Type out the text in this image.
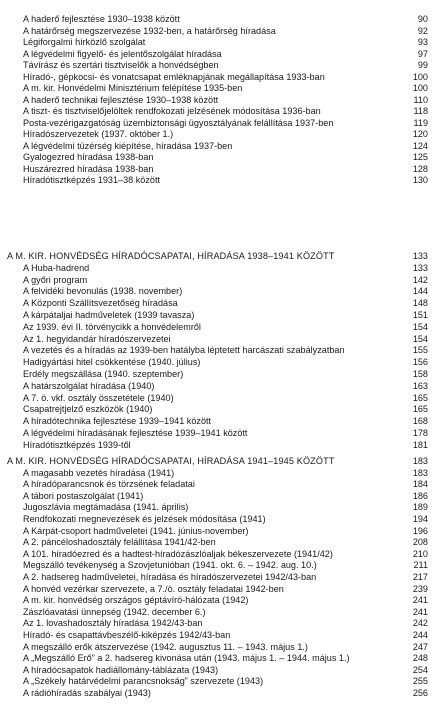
A haderő fejlesztése 1930–1938 között	90
A határőrség megszervezése 1932-ben, a határőrség híradása	92
Légiforgalmi hírközlő szolgálat	93
A légvédelmi figyelő- és jelentőszolgálat híradása	97
Távírász és szertári tisztviselők a honvédségben	99
Híradó-, gépkocsi- és vonatcsapat emléknapjának megállapítása 1933-ban	100
A m. kir. Honvédelmi Minisztérium felépítése 1935-ben	100
A haderő technikai fejlesztése 1930–1938 között	110
A tiszt- és tisztviselőjelöltek rendfokozati jelzésének módosítása 1936-ban	118
Posta-vezérigazgatóság üzembiztonsági ügyosztályának felállítása 1937-ben	119
Híradószervezetek (1937. október 1.)	120
A légvédelmi tüzérség kiépítése, híradása 1937-ben	124
Gyalogezred híradása 1938-ban	125
Huszárezred híradása 1938-ban	128
Híradótisztképzés 1931–38 között	130
A M. KIR. HONVÉDSÉG HÍRADÓCSAPATAI, HÍRADÁSA 1938–1941 KÖZÖTT	133
A Huba-hadrend	133
A győri program	142
A felvidéki bevonulás (1938. november)	144
A Központi Szállítsvezetőség híradása	148
A kárpátaljai hadműveletek (1939 tavasza)	151
Az 1939. évi II. törvénycikk a honvédelemről	154
Az 1. hegyidandár híradószervezetei	154
A vezetés és a híradás az 1939-ben hatályba léptetett harcászati szabályzatban	155
Hadigyártási hitel csökkentése (1940. július)	156
Erdély megszállása (1940. szeptember)	158
A határszolgálat híradása (1940)	163
A 7. ö. vkf. osztály összetétele (1940)	165
Csapatrejtjelző eszközök (1940)	165
A híradótechnika fejlesztése 1939–1941 között	168
A légvédelmi híradásának fejlesztése 1939–1941 között	178
Híradótisztképzés 1939-től	181
A M. KIR. HONVÉDSÉG HÍRADÓCSAPATAI, HÍRADÁSA 1941–1945 KÖZÖTT	183
A magasabb vezetés híradása (1941)	183
A híradóparancsnok és törzsének feladatai	184
A tábori postaszolgálat (1941)	186
Jugoszlávia megtámadása (1941. április)	189
Rendfokozati megnevezések és jelzések módosítása (1941)	194
A Kárpát-csoport hadműveletei (1941. június-november)	196
A 2. páncéloshadosztály felállítása 1941/42-ben	208
A 101. híradóezred és a hadtest-híradózászlóaljak békeszervezete (1941/42)	210
Megszálló tevékenység a Szovjetunióban (1941. okt. 6. – 1942. aug. 10.)	211
A 2. hadsereg hadműveletei, híradása és híradószervezetei 1942/43-ban	217
A honvéd vezérkar szervezete, a 7./ö. osztály feladatai 1942-ben	239
A m. kir. honvédség országos géptávíró-hálózata (1942)	241
Zászlóavatási ünnepség (1942. december 6.)	241
Az 1. lovashadosztály híradása 1942/43-ban	242
Híradó- és csapattávbeszélő-kiképzés 1942/43-ban	244
A megszálló erők átszervezése (1942. augusztus 11. – 1943. május 1.)	247
A „Megszálló Erő” a 2. hadsereg kivonása után (1943. május 1. – 1944. május 1.)	248
A híradócsapatok hadiállomány-táblázata (1943)	254
A „Székely határvédelmi parancsnokság” szervezete (1943)	255
A rádióhíradás szabályai (1943)	256
